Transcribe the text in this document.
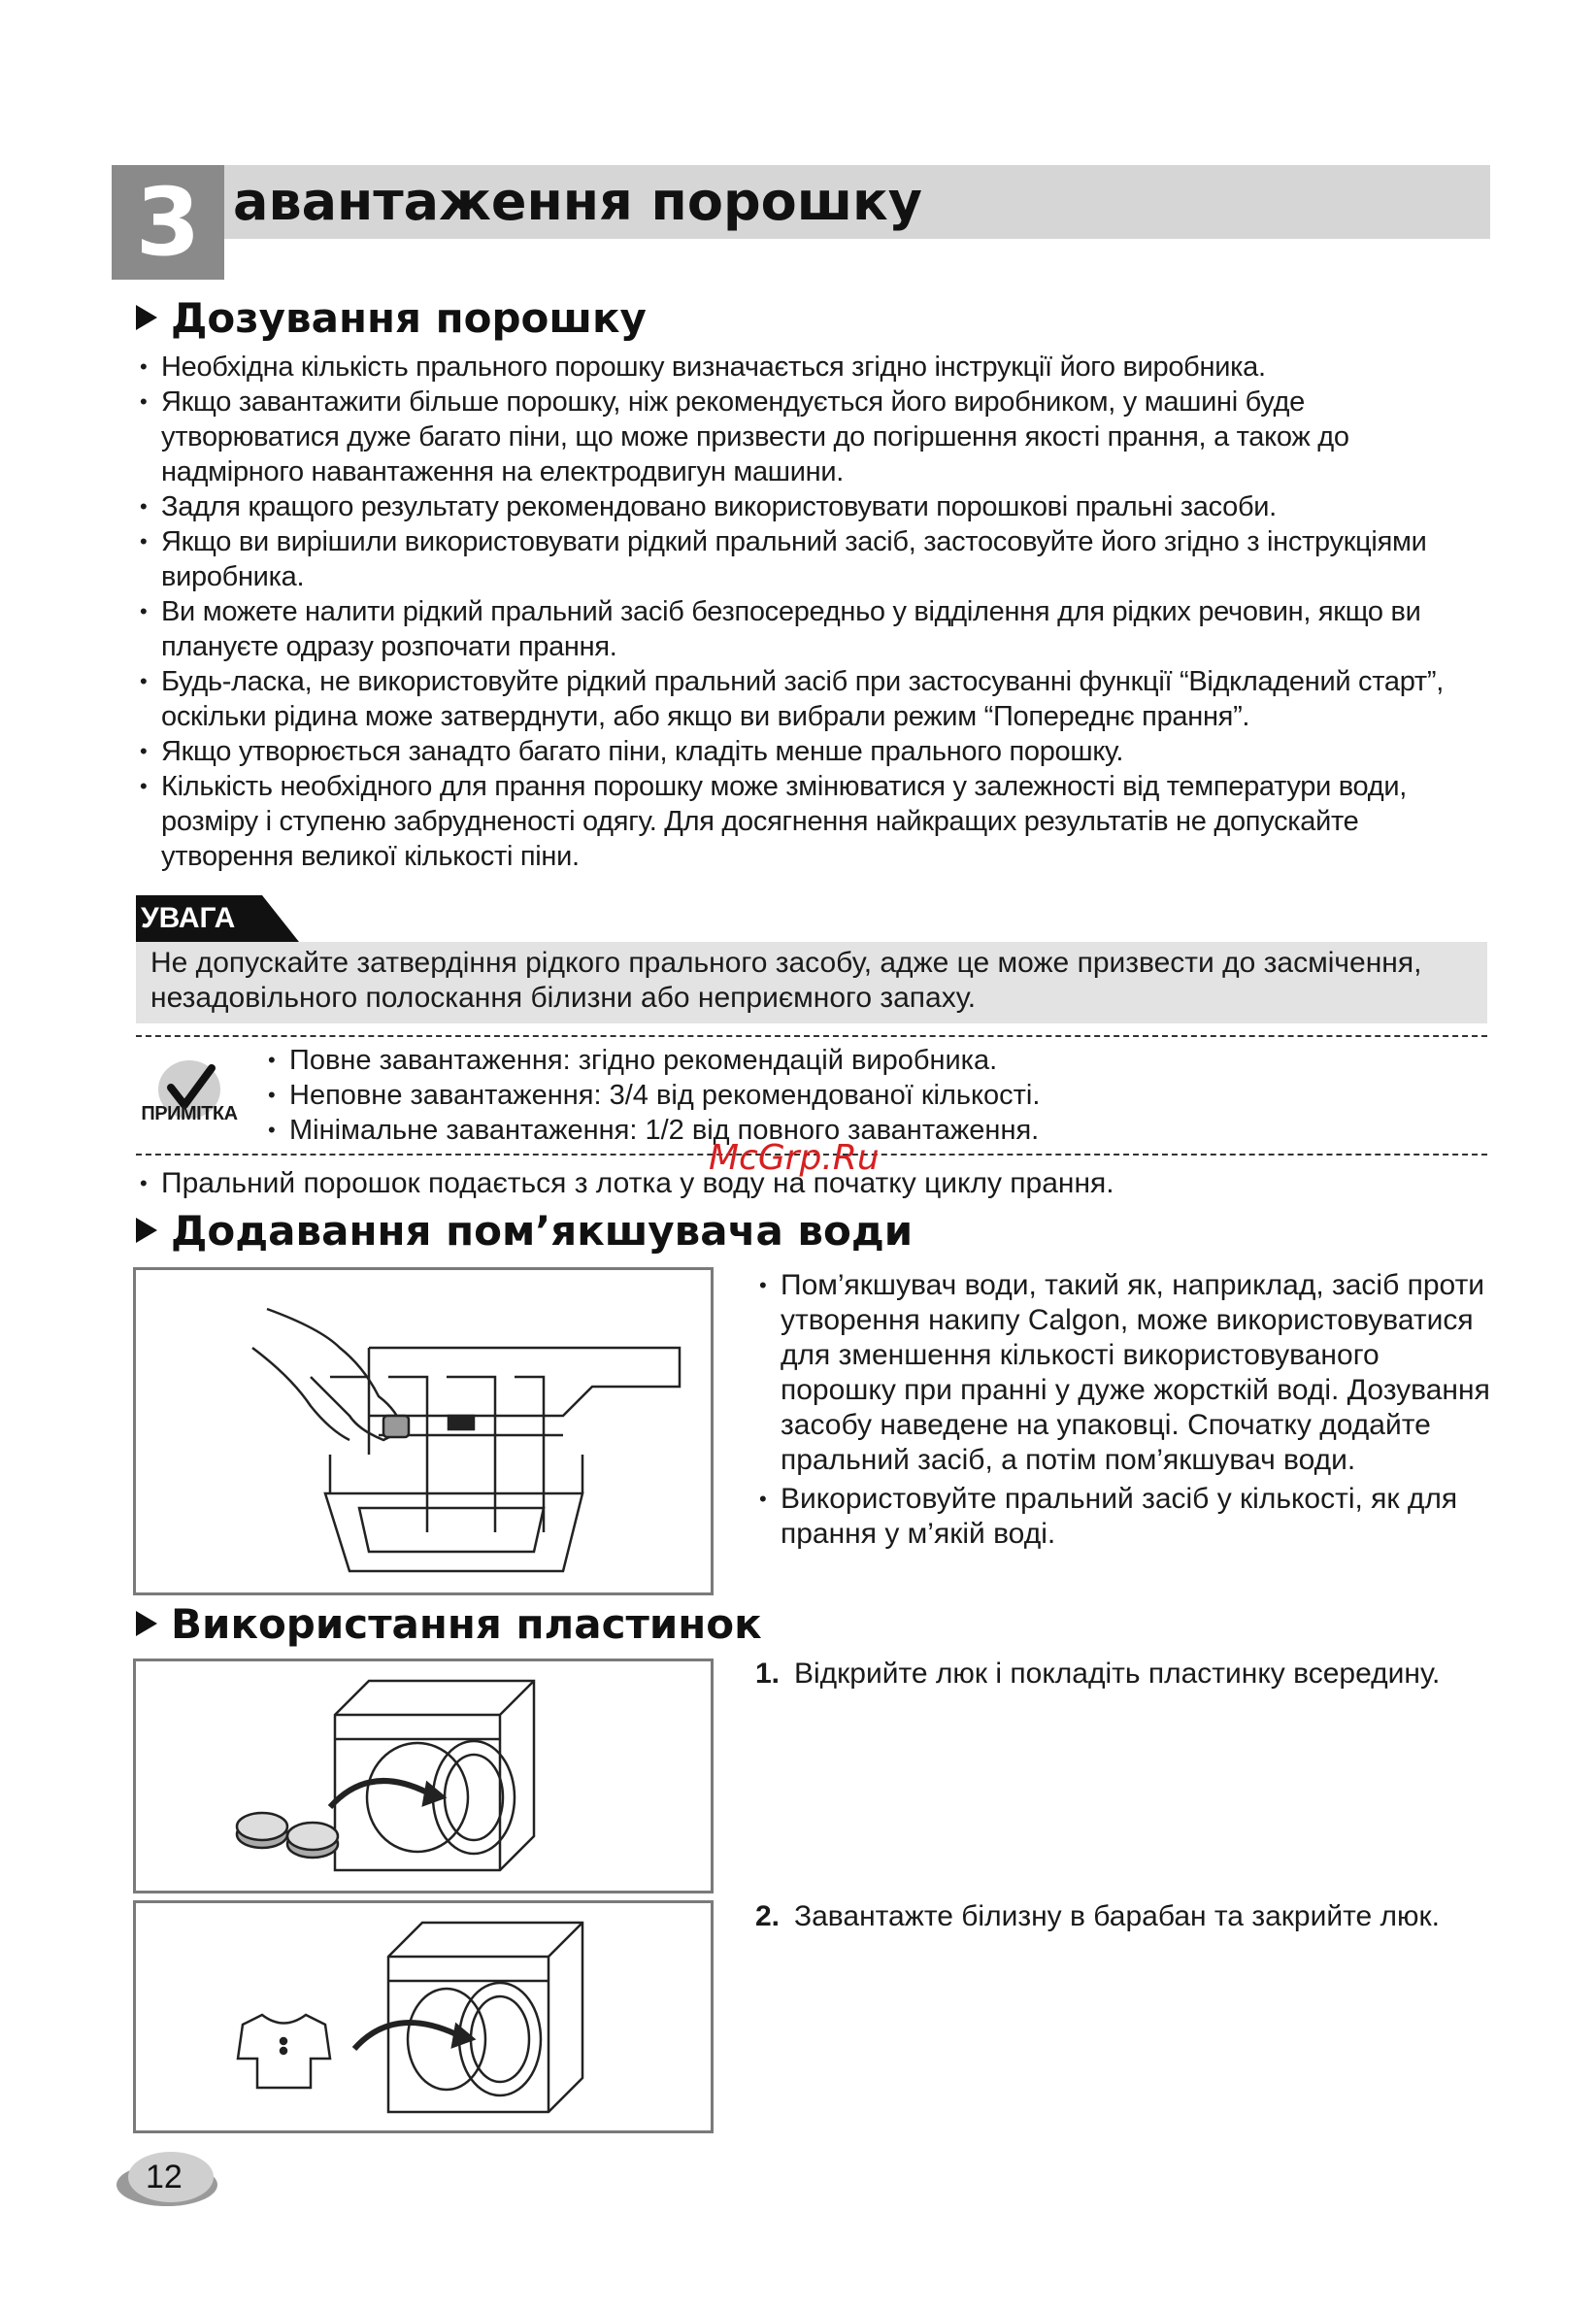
3 авантаження порошку
Дозування порошку
• Необхідна кількість прального порошку визначається згідно інструкції його виробника.
• Якщо завантажити більше порошку, ніж рекомендується його виробником, у машині буде утворюватися дуже багато піни, що може призвести до погіршення якості прання, а також до надмірного навантаження на електродвигун машини.
• Задля кращого результату рекомендовано використовувати порошкові пральні засоби.
• Якщо ви вирішили використовувати рідкий пральний засіб, застосовуйте його згідно з інструкціями виробника.
• Ви можете налити рідкий пральний засіб безпосередньо у відділення для рідких речовин, якщо ви плануєте одразу розпочати прання.
• Будь-ласка, не використовуйте рідкий пральний засіб при застосуванні функції “Відкладений старт”, оскільки рідина може затверднути, або якщо ви вибрали режим “Попереднє прання”.
• Якщо утворюється занадто багато піни, кладіть менше прального порошку.
• Кількість необхідного для прання порошку може змінюватися у залежності від температури води, розміру і ступеню забрудненості одягу. Для досягнення найкращих результатів не допускайте утворення великої кількості піни.
УВАГА
Не допускайте затвердіння рідкого прального засобу, адже це може призвести до засмічення, незадовільного полоскання білизни або неприємного запаху.
ПРИМІТКА
• Повне завантаження: згідно рекомендацій виробника.
• Неповне завантаження: 3/4 від рекомендованої кількості.
• Мінімальне завантаження: 1/2 від повного завантаження.
McGrp.Ru
• Пральний порошок подається з лотка у воду на початку циклу прання.
Додавання пом’якшувача води
• Пом’якшувач води, такий як, наприклад, засіб проти утворення накипу Calgon, може використовуватися для зменшення кількості використовуваного порошку при пранні у дуже жорсткій воді. Дозування засобу наведене на упаковці. Спочатку додайте пральний засіб, а потім пом’якшувач води.
• Використовуйте пральний засіб у кількості, як для прання у м’якій воді.
Використання пластинок
1. Відкрийте люк і покладіть пластинку всередину.
2. Завантажте білизну в барабан та закрийте люк.
12
